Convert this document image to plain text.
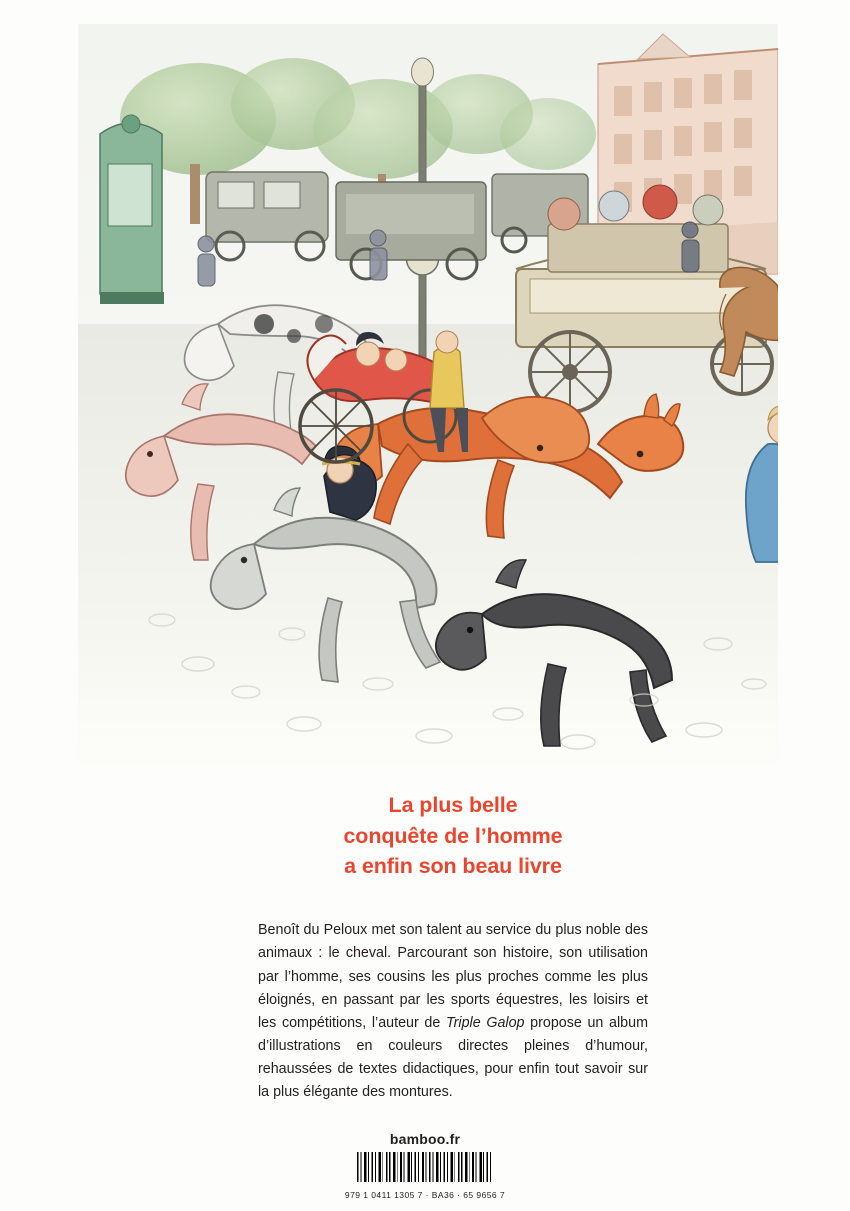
La plus belle
conquête de l’homme
a enfin son beau livre

Benoît du Peloux met son talent au service du plus noble des animaux : le cheval. Parcourant son histoire, son utilisation par l’homme, ses cousins les plus proches comme les plus éloignés, en passant par les sports équestres, les loisirs et les compétitions, l’auteur de Triple Galop propose un album d’illustrations en couleurs directes pleines d’humour, rehaussées de textes didactiques, pour enfin tout savoir sur la plus élégante des montures.

bamboo.fr
979 1 0411 1305 7 · BA36 · 65 9656 7
